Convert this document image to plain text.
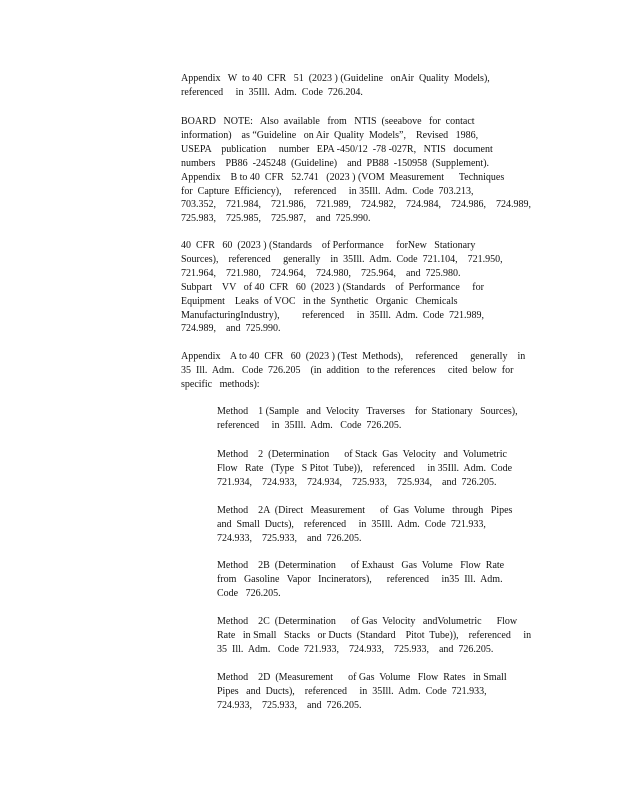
Appendix   W  to 40  CFR   51  (2023 ) (Guideline   onAir  Quality  Models),
referenced     in  35Ill.  Adm.  Code  726.204.
BOARD   NOTE:   Also  available   from   NTIS  (seeabove   for  contact
information)    as “Guideline   on Air  Quality  Models”,    Revised   1986,
USEPA    publication     number   EPA -450/12  -78 -027R,   NTIS   document
numbers    PB86  -245248  (Guideline)    and  PB88  -150958  (Supplement).
Appendix    B to 40  CFR   52.741   (2023 ) (VOM  Measurement      Techniques
for  Capture  Efficiency),     referenced     in 35Ill.  Adm.  Code  703.213,
703.352,    721.984,    721.986,    721.989,    724.982,    724.984,    724.986,    724.989,
725.983,    725.985,    725.987,    and  725.990.
40  CFR   60  (2023 ) (Standards    of Performance     forNew   Stationary
Sources),    referenced     generally    in  35Ill.  Adm.  Code  721.104,    721.950,
721.964,    721.980,    724.964,    724.980,    725.964,    and  725.980.
Subpart    VV   of 40  CFR   60  (2023 ) (Standards    of  Performance     for
Equipment    Leaks  of VOC   in the  Synthetic   Organic   Chemicals
ManufacturingIndustry),         referenced     in  35Ill.  Adm.  Code  721.989,
724.989,    and  725.990.
Appendix    A to 40  CFR   60  (2023 ) (Test  Methods),     referenced     generally    in
35  Ill.  Adm.   Code  726.205    (in  addition   to the  references     cited  below  for
specific   methods):
Method    1 (Sample   and  Velocity   Traverses    for  Stationary   Sources),
referenced     in  35Ill.  Adm.   Code  726.205.
Method    2  (Determination      of Stack  Gas  Velocity   and  Volumetric
Flow   Rate   (Type   S Pitot  Tube)),    referenced     in 35Ill.  Adm.  Code
721.934,    724.933,    724.934,    725.933,    725.934,    and  726.205.
Method    2A  (Direct   Measurement      of  Gas  Volume   through   Pipes
and  Small  Ducts),    referenced     in  35Ill.  Adm.  Code  721.933,
724.933,    725.933,    and  726.205.
Method    2B  (Determination      of Exhaust   Gas  Volume   Flow  Rate
from   Gasoline   Vapor   Incinerators),      referenced     in35  Ill.  Adm.
Code   726.205.
Method    2C  (Determination      of Gas  Velocity   andVolumetric      Flow
Rate   in Small   Stacks   or Ducts  (Standard    Pitot  Tube)),    referenced     in
35  Ill.  Adm.   Code  721.933,    724.933,    725.933,    and  726.205.
Method    2D  (Measurement      of Gas  Volume   Flow  Rates   in Small
Pipes   and  Ducts),    referenced     in  35Ill.  Adm.  Code  721.933,
724.933,    725.933,    and  726.205.
